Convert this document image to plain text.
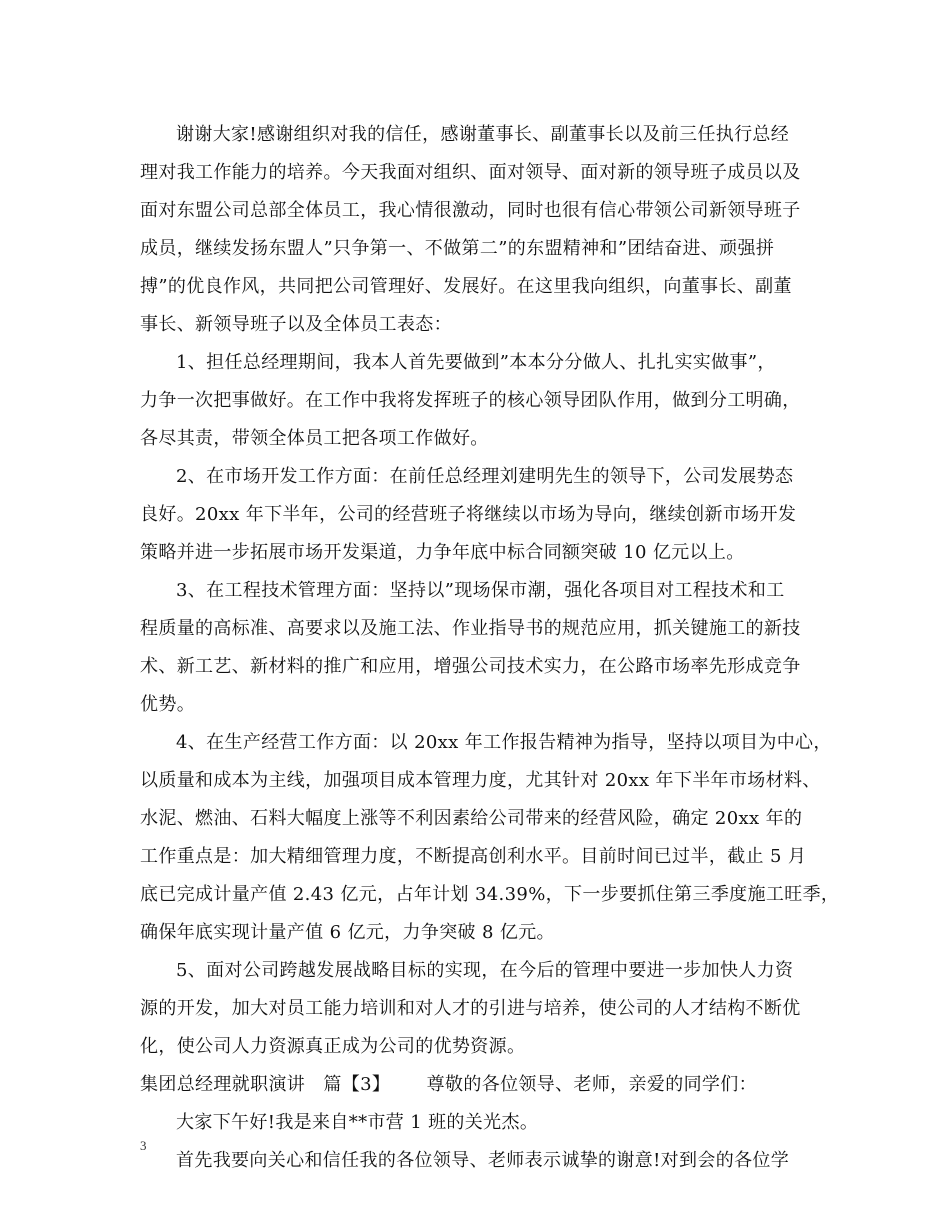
谢谢大家!感谢组织对我的信任，感谢董事长、副董事长以及前三任执行总经
理对我工作能力的培养。今天我面对组织、面对领导、面对新的领导班子成员以及
面对东盟公司总部全体员工，我心情很激动，同时也很有信心带领公司新领导班子
成员，继续发扬东盟人”只争第一、不做第二”的东盟精神和”团结奋进、顽强拼
搏”的优良作风，共同把公司管理好、发展好。在这里我向组织，向董事长、副董
事长、新领导班子以及全体员工表态：
1、担任总经理期间，我本人首先要做到”本本分分做人、扎扎实实做事”，
力争一次把事做好。在工作中我将发挥班子的核心领导团队作用，做到分工明确，
各尽其责，带领全体员工把各项工作做好。
2、在市场开发工作方面：在前任总经理刘建明先生的领导下，公司发展势态
良好。20xx 年下半年，公司的经营班子将继续以市场为导向，继续创新市场开发
策略并进一步拓展市场开发渠道，力争年底中标合同额突破 10 亿元以上。
3、在工程技术管理方面：坚持以”现场保市潮，强化各项目对工程技术和工
程质量的高标准、高要求以及施工法、作业指导书的规范应用，抓关键施工的新技
术、新工艺、新材料的推广和应用，增强公司技术实力，在公路市场率先形成竞争
优势。
4、在生产经营工作方面：以 20xx 年工作报告精神为指导，坚持以项目为中心，
以质量和成本为主线，加强项目成本管理力度，尤其针对 20xx 年下半年市场材料、
水泥、燃油、石料大幅度上涨等不利因素给公司带来的经营风险，确定 20xx 年的
工作重点是：加大精细管理力度，不断提高创利水平。目前时间已过半，截止 5 月
底已完成计量产值 2.43 亿元，占年计划 34.39%，下一步要抓住第三季度施工旺季，
确保年底实现计量产值 6 亿元，力争突破 8 亿元。
5、面对公司跨越发展战略目标的实现，在今后的管理中要进一步加快人力资
源的开发，加大对员工能力培训和对人才的引进与培养，使公司的人才结构不断优
化，使公司人力资源真正成为公司的优势资源。
集团总经理就职演讲 篇【3】 尊敬的各位领导、老师，亲爱的同学们：
大家下午好!我是来自**市营 1 班的关光杰。
首先我要向关心和信任我的各位领导、老师表示诚挚的谢意!对到会的各位学
3
